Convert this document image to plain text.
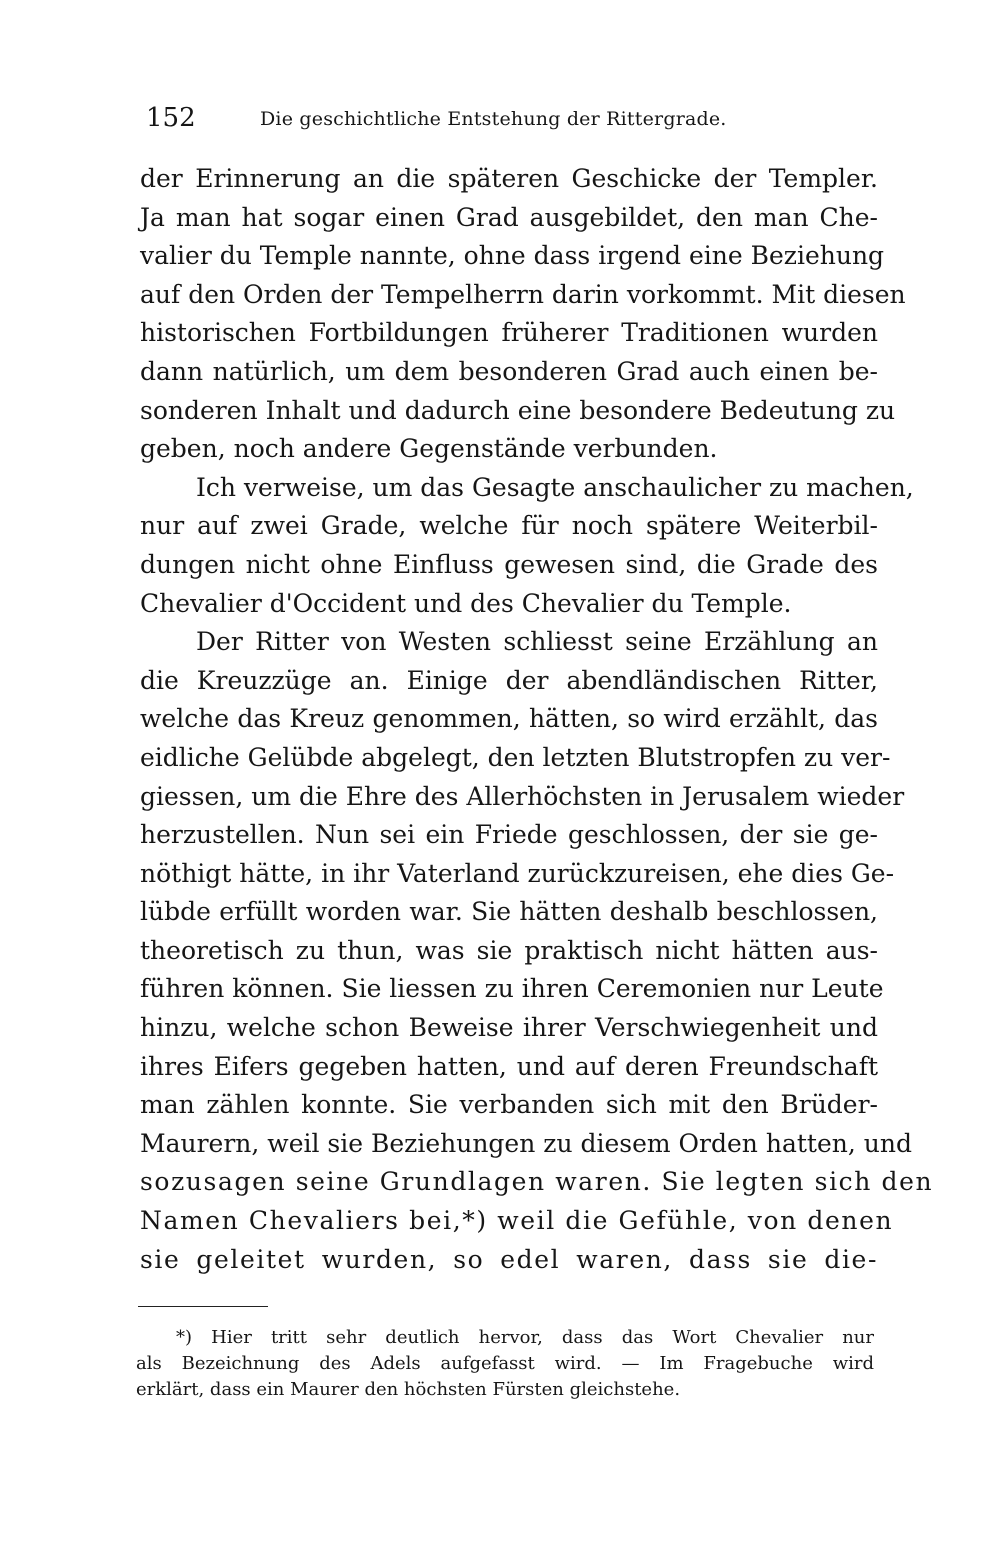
152	Die geschichtliche Entstehung der Rittergrade.
der Erinnerung an die späteren Geschicke der Templer.
Ja man hat sogar einen Grad ausgebildet, den man Che-
valier du Temple nannte, ohne dass irgend eine Beziehung
auf den Orden der Tempelherrn darin vorkommt. Mit diesen
historischen Fortbildungen früherer Traditionen wurden
dann natürlich, um dem besonderen Grad auch einen be-
sonderen Inhalt und dadurch eine besondere Bedeutung zu
geben, noch andere Gegenstände verbunden.
Ich verweise, um das Gesagte anschaulicher zu machen,
nur auf zwei Grade, welche für noch spätere Weiterbil-
dungen nicht ohne Einfluss gewesen sind, die Grade des
Chevalier d'Occident und des Chevalier du Temple.
Der Ritter von Westen schliesst seine Erzählung an
die Kreuzzüge an. Einige der abendländischen Ritter,
welche das Kreuz genommen, hätten, so wird erzählt, das
eidliche Gelübde abgelegt, den letzten Blutstropfen zu ver-
giessen, um die Ehre des Allerhöchsten in Jerusalem wieder
herzustellen. Nun sei ein Friede geschlossen, der sie ge-
nöthigt hätte, in ihr Vaterland zurückzureisen, ehe dies Ge-
lübde erfüllt worden war. Sie hätten deshalb beschlossen,
theoretisch zu thun, was sie praktisch nicht hätten aus-
führen können. Sie liessen zu ihren Ceremonien nur Leute
hinzu, welche schon Beweise ihrer Verschwiegenheit und
ihres Eifers gegeben hatten, und auf deren Freundschaft
man zählen konnte. Sie verbanden sich mit den Brüder-
Maurern, weil sie Beziehungen zu diesem Orden hatten, und
sozusagen seine Grundlagen waren. Sie legten sich den
Namen Chevaliers bei,*) weil die Gefühle, von denen
sie geleitet wurden, so edel waren, dass sie die-
*) Hier tritt sehr deutlich hervor, dass das Wort Chevalier nur
als Bezeichnung des Adels aufgefasst wird. — Im Fragebuche wird
erklärt, dass ein Maurer den höchsten Fürsten gleichstehe.
